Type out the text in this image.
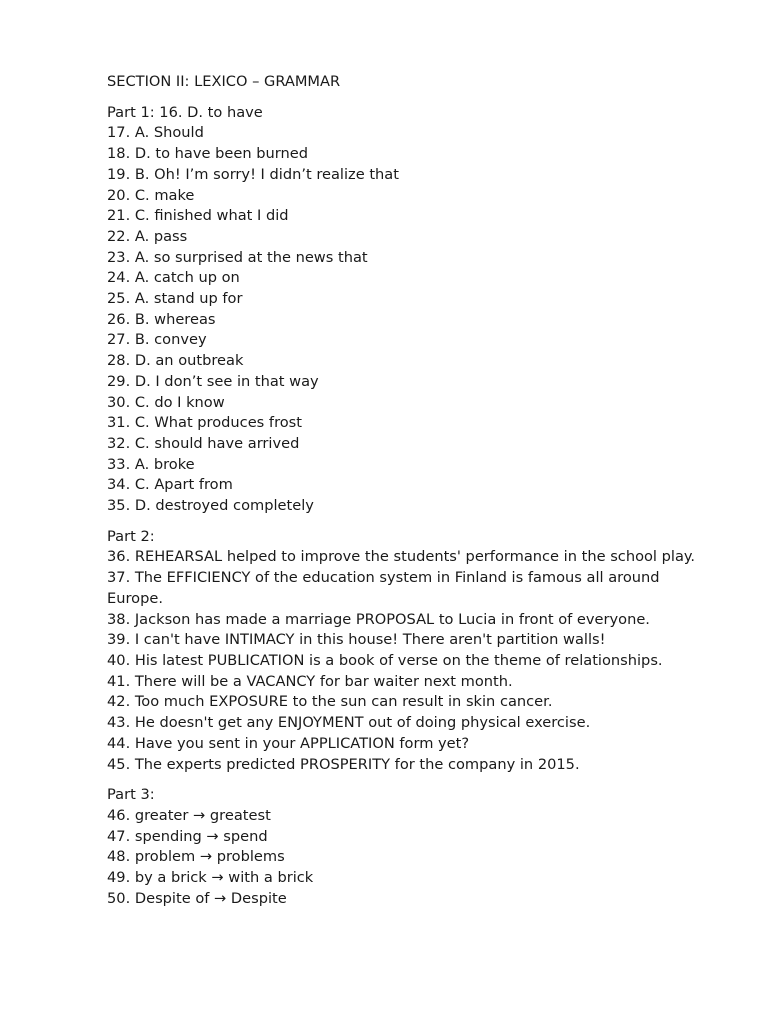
SECTION II: LEXICO – GRAMMAR

Part 1: 16. D. to have

17. A. Should

18. D. to have been burned

19. B. Oh! I’m sorry! I didn’t realize that

20. C. make

21. C. finished what I did

22. A. pass

23. A. so surprised at the news that

24. A. catch up on

25. A. stand up for

26. B. whereas

27. B. convey

28. D. an outbreak

29. D. I don’t see in that way

30. C. do I know

31. C. What produces frost

32. C. should have arrived

33. A. broke

34. C. Apart from

35. D. destroyed completely

Part 2:

36. REHEARSAL helped to improve the students' performance in the school play.

37. The EFFICIENCY of the education system in Finland is famous all around Europe.

38. Jackson has made a marriage PROPOSAL to Lucia in front of everyone.

39. I can't have INTIMACY in this house! There aren't partition walls!

40. His latest PUBLICATION is a book of verse on the theme of relationships.

41. There will be a VACANCY for bar waiter next month.

42. Too much EXPOSURE to the sun can result in skin cancer.

43. He doesn't get any ENJOYMENT out of doing physical exercise.

44. Have you sent in your APPLICATION form yet?

45. The experts predicted PROSPERITY for the company in 2015.

Part 3:

46. greater → greatest

47. spending → spend

48. problem → problems

49. by a brick → with a brick

50. Despite of → Despite
